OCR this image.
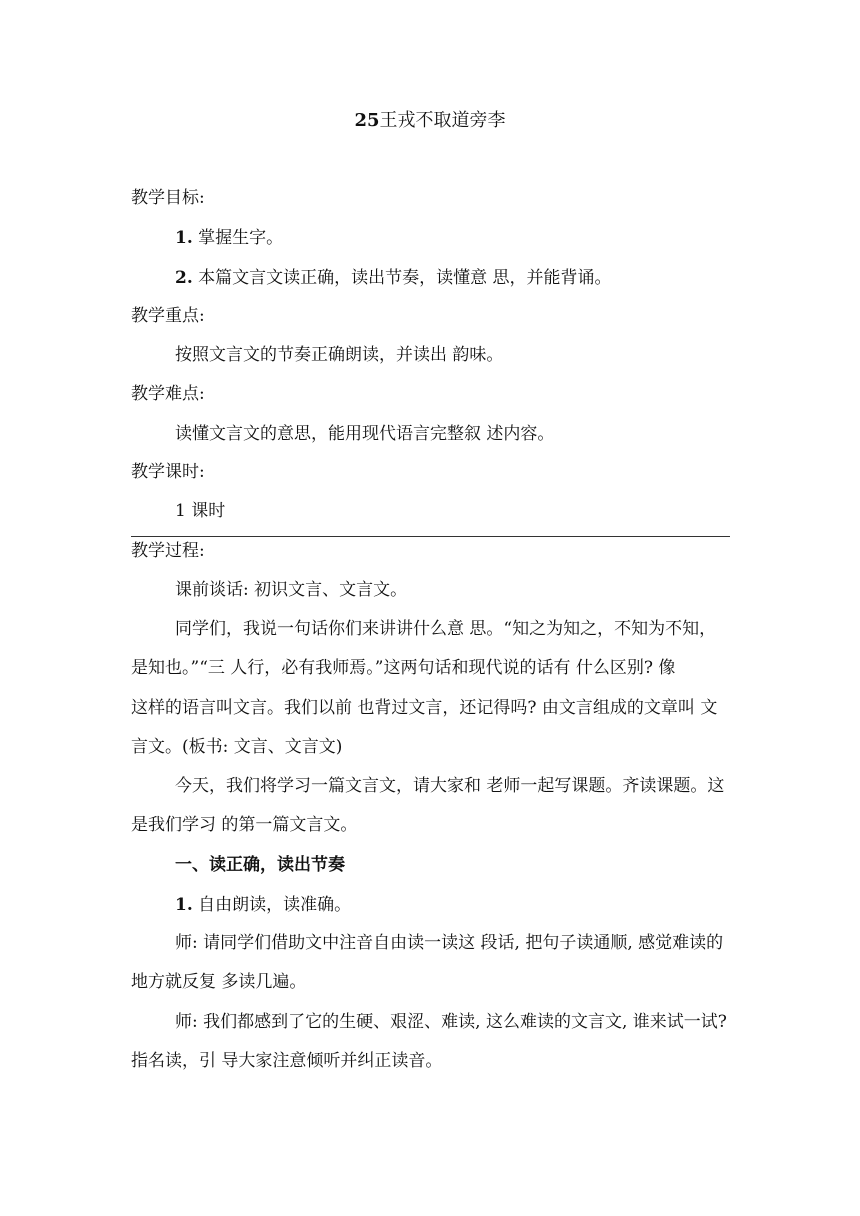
25王戎不取道旁李
教学目标:
1. 掌握生字。
2. 本篇文言文读正确，读出节奏，读懂意 思，并能背诵。
教学重点:
按照文言文的节奏正确朗读，并读出 韵味。
教学难点:
读懂文言文的意思，能用现代语言完整叙 述内容。
教学课时:
1 课时
教学过程:
课前谈话: 初识文言、文言文。
同学们，我说一句话你们来讲讲什么意 思。“知之为知之，不知为不知，
是知也。”“三 人行，必有我师焉。”这两句话和现代说的话有 什么区别? 像
这样的语言叫文言。我们以前 也背过文言，还记得吗? 由文言组成的文章叫 文
言文。(板书: 文言、文言文)
今天，我们将学习一篇文言文，请大家和 老师一起写课题。齐读课题。这
是我们学习 的第一篇文言文。
一、读正确，读出节奏
1. 自由朗读，读准确。
师: 请同学们借助文中注音自由读一读这 段话, 把句子读通顺, 感觉难读的
地方就反复 多读几遍。
师: 我们都感到了它的生硬、艰涩、难读, 这么难读的文言文, 谁来试一试?
指名读，引 导大家注意倾听并纠正读音。
